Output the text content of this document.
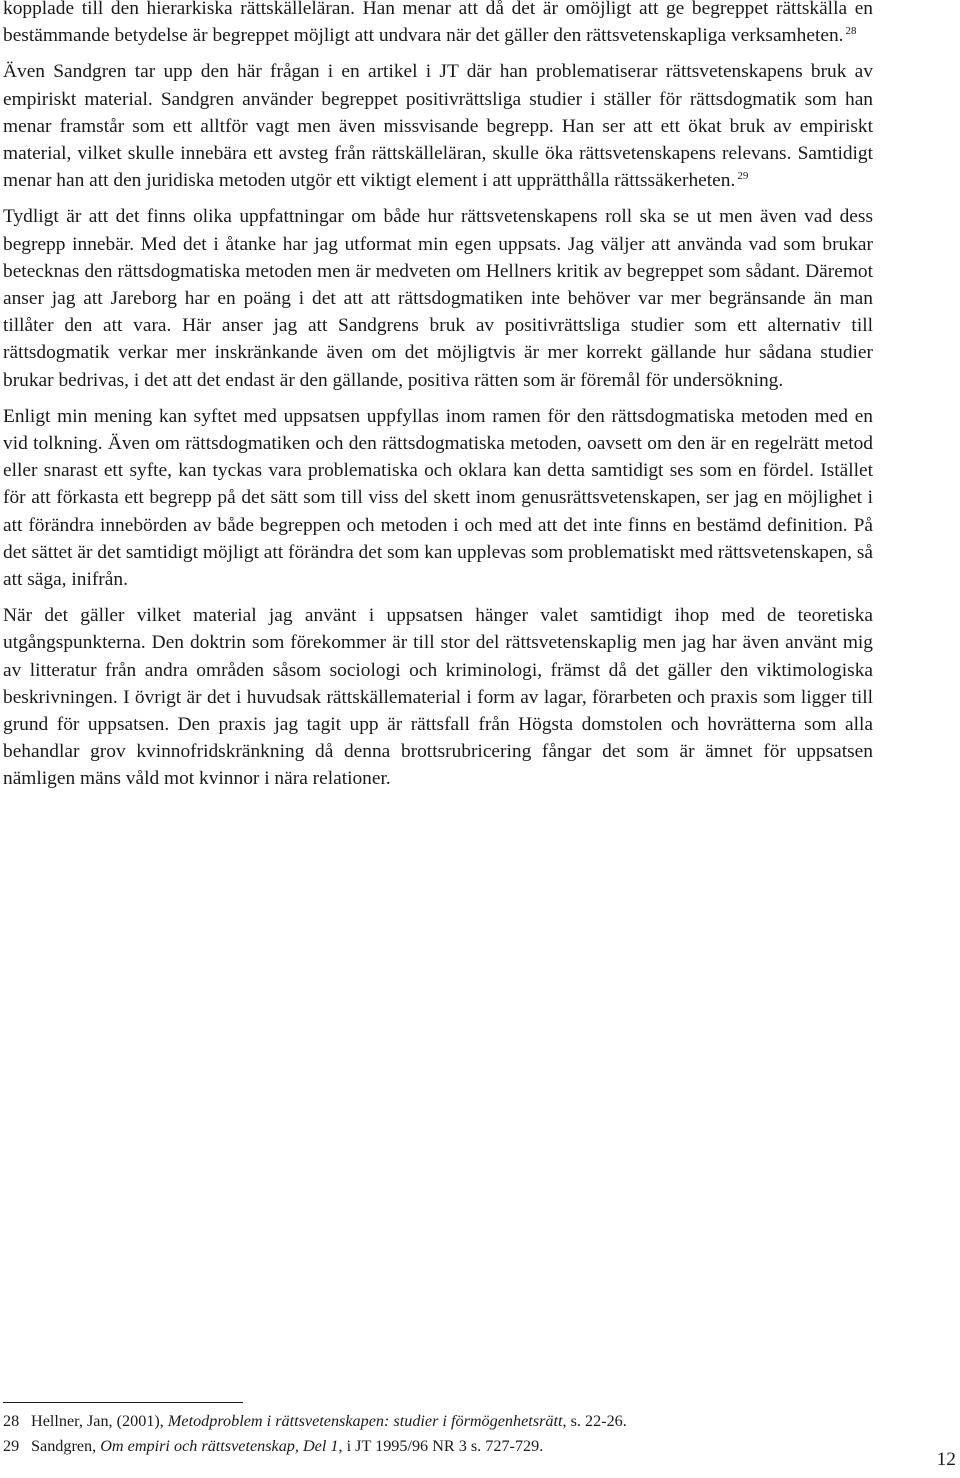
kopplade till den hierarkiska rättskälleläran. Han menar att då det är omöjligt att ge begreppet rättskälla en bestämmande betydelse är begreppet möjligt att undvara när det gäller den rättsvetenskapliga verksamheten. $^{28}$

Även Sandgren tar upp den här frågan i en artikel i JT där han problematiserar rättsvetenskapens bruk av empiriskt material. Sandgren använder begreppet positivrättsliga studier i ställer för rättsdogmatik som han menar framstår som ett alltför vagt men även missvisande begrepp. Han ser att ett ökat bruk av empiriskt material, vilket skulle innebära ett avsteg från rättskälleläran, skulle öka rättsvetenskapens relevans. Samtidigt menar han att den juridiska metoden utgör ett viktigt element i att upprätthålla rättssäkerheten. $^{29}$

Tydligt är att det finns olika uppfattningar om både hur rättsvetenskapens roll ska se ut men även vad dess begrepp innebär. Med det i åtanke har jag utformat min egen uppsats. Jag väljer att använda vad som brukar betecknas den rättsdogmatiska metoden men är medveten om Hellners kritik av begreppet som sådant. Däremot anser jag att Jareborg har en poäng i det att att rättsdogmatiken inte behöver var mer begränsande än man tillåter den att vara. Här anser jag att Sandgrens bruk av positivrättsliga studier som ett alternativ till rättsdogmatik verkar mer inskränkande även om det möjligtvis är mer korrekt gällande hur sådana studier brukar bedrivas, i det att det endast är den gällande, positiva rätten som är föremål för undersökning.

Enligt min mening kan syftet med uppsatsen uppfyllas inom ramen för den rättsdogmatiska metoden med en vid tolkning. Även om rättsdogmatiken och den rättsdogmatiska metoden, oavsett om den är en regelrätt metod eller snarast ett syfte, kan tyckas vara problematiska och oklara kan detta samtidigt ses som en fördel. Istället för att förkasta ett begrepp på det sätt som till viss del skett inom genusrättsvetenskapen, ser jag en möjlighet i att förändra innebörden av både begreppen och metoden i och med att det inte finns en bestämd definition. På det sättet är det samtidigt möjligt att förändra det som kan upplevas som problematiskt med rättsvetenskapen, så att säga, inifrån.

När det gäller vilket material jag använt i uppsatsen hänger valet samtidigt ihop med de teoretiska utgångspunkterna. Den doktrin som förekommer är till stor del rättsvetenskaplig men jag har även använt mig av litteratur från andra områden såsom sociologi och kriminologi, främst då det gäller den viktimologiska beskrivningen. I övrigt är det i huvudsak rättskällematerial i form av lagar, förarbeten och praxis som ligger till grund för uppsatsen. Den praxis jag tagit upp är rättsfall från Högsta domstolen och hovrätterna som alla behandlar grov kvinnofridskränkning då denna brottsrubricering fångar det som är ämnet för uppsatsen nämligen mäns våld mot kvinnor i nära relationer.

28 Hellner, Jan, (2001), Metodproblem i rättsvetenskapen: studier i förmögenhetsrätt, s. 22-26.
29 Sandgren, Om empiri och rättsvetenskap, Del 1, i JT 1995/96 NR 3 s. 727-729.
12
